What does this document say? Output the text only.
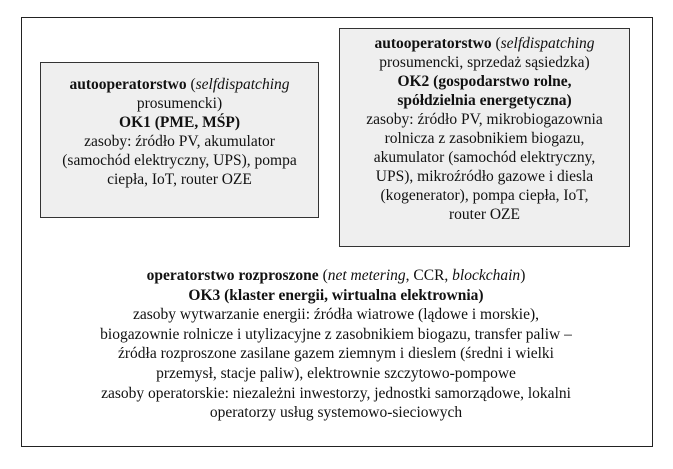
autooperatorstwo (selfdispatching
prosumencki)
OK1 (PME, MŚP)
zasoby: źródło PV, akumulator
(samochód elektryczny, UPS), pompa
ciepła, IoT, router OZE
autooperatorstwo (selfdispatching
prosumencki, sprzedaż sąsiedzka)
OK2 (gospodarstwo rolne,
spółdzielnia energetyczna)
zasoby: źródło PV, mikrobiogazownia
rolnicza z zasobnikiem biogazu,
akumulator (samochód elektryczny,
UPS), mikroźródło gazowe i diesla
(kogenerator), pompa ciepła, IoT,
router OZE
operatorstwo rozproszone (net metering, CCR, blockchain)
OK3 (klaster energii, wirtualna elektrownia)
zasoby wytwarzanie energii: źródła wiatrowe (lądowe i morskie),
biogazownie rolnicze i utylizacyjne z zasobnikiem biogazu, transfer paliw –
źródła rozproszone zasilane gazem ziemnym i dieslem (średni i wielki
przemysł, stacje paliw), elektrownie szczytowo-pompowe
zasoby operatorskie: niezależni inwestorzy, jednostki samorządowe, lokalni
operatorzy usług systemowo-sieciowych
